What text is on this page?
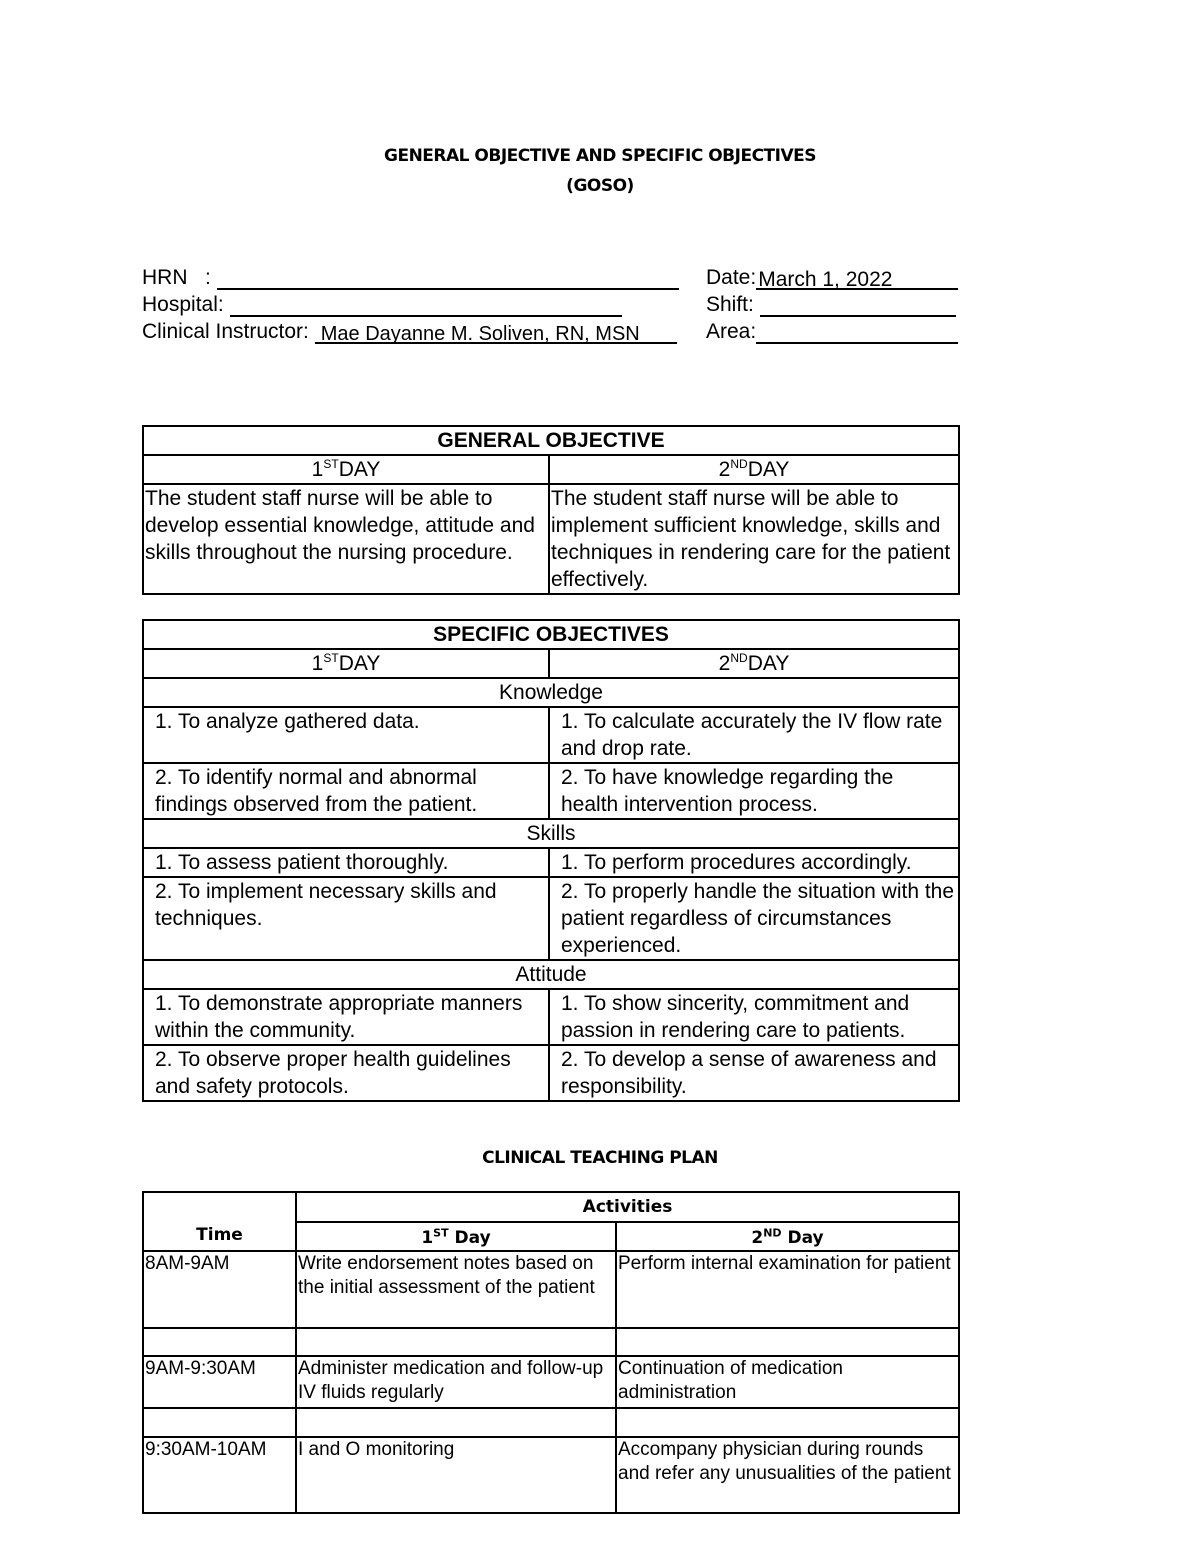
GENERAL OBJECTIVE AND SPECIFIC OBJECTIVES
(GOSO)
HRN   :
Hospital:
Clinical Instructor: Mae Dayanne M. Soliven, RN, MSN
Date:March 1, 2022
Shift:
Area:
GENERAL OBJECTIVE	
1STDAY	2NDDAY
The student staff nurse will be able to develop essential knowledge, attitude and skills throughout the nursing procedure.	The student staff nurse will be able to implement sufficient knowledge, skills and techniques in rendering care for the patient effectively.
SPECIFIC OBJECTIVES	
1STDAY	2NDDAY
Knowledge	
1. To analyze gathered data.	1. To calculate accurately the IV flow rate and drop rate.
2. To identify normal and abnormal findings observed from the patient.	2. To have knowledge regarding the health intervention process.
Skills	
1. To assess patient thoroughly.	1. To perform procedures accordingly.
2. To implement necessary skills and techniques.	2. To properly handle the situation with the patient regardless of circumstances experienced.
Attitude	
1. To demonstrate appropriate manners within the community.	1. To show sincerity, commitment and passion in rendering care to patients.
2. To observe proper health guidelines and safety protocols.	2. To develop a sense of awareness and responsibility.
CLINICAL TEACHING PLAN
Time	Activities	
	1ST Day	2ND Day
8AM-9AM	Write endorsement notes based on the initial assessment of the patient	Perform internal examination for patient

9AM-9:30AM	Administer medication and follow-up IV fluids regularly	Continuation of medication administration

9:30AM-10AM	I and O monitoring	Accompany physician during rounds and refer any unusualities of the patient
